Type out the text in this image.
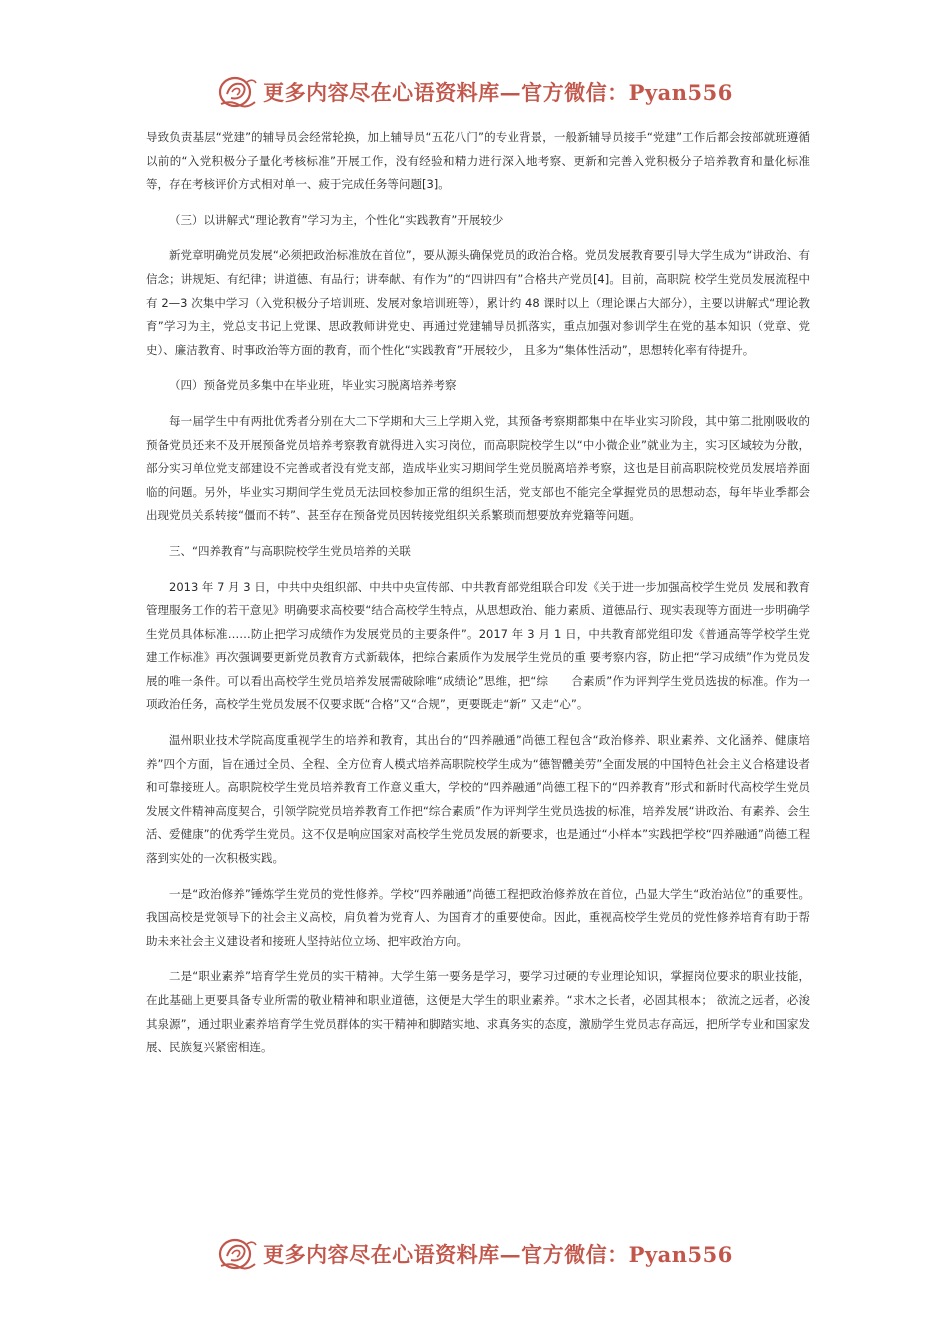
更多内容尽在心语资料库—官方微信：Pyan556

导致负责基层“党建”的辅导员会经常轮换，加上辅导员“五花八门”的专业背景，一般新辅导员接手“党建”工作后都会按部就班遵循以前的“入党积极分子量化考核标准”开展工作，没有经验和精力进行深入地考察、更新和完善入党积极分子培养教育和量化标准等，存在考核评价方式相对单一、疲于完成任务等问题[3]。

（三）以讲解式“理论教育”学习为主，个性化“实践教育”开展较少

新党章明确党员发展“必须把政治标准放在首位”，要从源头确保党员的政治合格。党员发展教育要引导大学生成为“讲政治、有信念；讲规矩、有纪律；讲道德、有品行；讲奉献、有作为”的“四讲四有”合格共产党员[4]。目前，高职院 校学生党员发展流程中有 2—3 次集中学习（入党积极分子培训班、发展对象培训班等），累计约 48 课时以上（理论课占大部分），主要以讲解式“理论教育”学习为主，党总支书记上党课、思政教师讲党史、再通过党建辅导员抓落实，重点加强对参训学生在党的基本知识（党章、党史）、廉洁教育、时事政治等方面的教育，而个性化“实践教育”开展较少， 且多为“集体性活动”，思想转化率有待提升。

（四）预备党员多集中在毕业班，毕业实习脱离培养考察

每一届学生中有两批优秀者分别在大二下学期和大三上学期入党，其预备考察期都集中在毕业实习阶段，其中第二批刚吸收的预备党员还来不及开展预备党员培养考察教育就得进入实习岗位，而高职院校学生以“中小微企业”就业为主，实习区域较为分散，部分实习单位党支部建设不完善或者没有党支部，造成毕业实习期间学生党员脱离培养考察，这也是目前高职院校党员发展培养面临的问题。另外，毕业实习期间学生党员无法回校参加正常的组织生活，党支部也不能完全掌握党员的思想动态，每年毕业季都会出现党员关系转接“僵而不转”、甚至存在预备党员因转接党组织关系繁琐而想要放弃党籍等问题。

三、“四养教育”与高职院校学生党员培养的关联

2013 年 7 月 3 日，中共中央组织部、中共中央宣传部、中共教育部党组联合印发《关于进一步加强高校学生党员 发展和教育管理服务工作的若干意见》明确要求高校要“结合高校学生特点，从思想政治、能力素质、道德品行、现实表现等方面进一步明确学生党员具体标准……防止把学习成绩作为发展党员的主要条件”。2017 年 3 月 1 日，中共教育部党组印发《普通高等学校学生党建工作标准》再次强调要更新党员教育方式新载体，把综合素质作为发展学生党员的重 要考察内容，防止把“学习成绩”作为党员发展的唯一条件。可以看出高校学生党员培养发展需破除唯“成绩论”思维，把“综　　合素质”作为评判学生党员选拔的标准。作为一项政治任务，高校学生党员发展不仅要求既“合格”又“合规”，更要既走“新” 又走“心”。

温州职业技术学院高度重视学生的培养和教育，其出台的“四养融通”尚德工程包含“政治修养、职业素养、文化涵养、健康培养”四个方面，旨在通过全员、全程、全方位育人模式培养高职院校学生成为“德智體美劳”全面发展的中国特色社会主义合格建设者和可靠接班人。高职院校学生党员培养教育工作意义重大，学校的“四养融通”尚德工程下的“四养教育”形式和新时代高校学生党员发展文件精神高度契合，引领学院党员培养教育工作把“综合素质”作为评判学生党员选拔的标准，培养发展“讲政治、有素养、会生活、爱健康”的优秀学生党员。这不仅是响应国家对高校学生党员发展的新要求，也是通过“小样本”实践把学校“四养融通”尚德工程落到实处的一次积极实践。

一是“政治修养”锤炼学生党员的党性修养。学校“四养融通”尚德工程把政治修养放在首位，凸显大学生“政治站位”的重要性。我国高校是党领导下的社会主义高校，肩负着为党育人、为国育才的重要使命。因此，重视高校学生党员的党性修养培育有助于帮助未来社会主义建设者和接班人坚持站位立场、把牢政治方向。

二是“职业素养”培育学生党员的实干精神。大学生第一要务是学习，要学习过硬的专业理论知识，掌握岗位要求的职业技能，在此基础上更要具备专业所需的敬业精神和职业道德，这便是大学生的职业素养。“求木之长者，必固其根本； 欲流之远者，必浚其泉源”，通过职业素养培育学生党员群体的实干精神和脚踏实地、求真务实的态度，激励学生党员志存高远，把所学专业和国家发展、民族复兴紧密相连。

更多内容尽在心语资料库—官方微信：Pyan556
